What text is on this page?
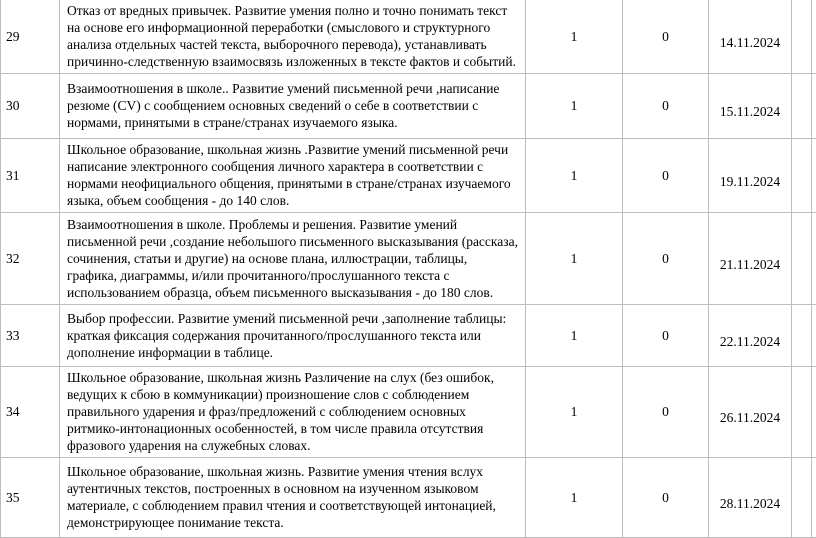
29	Отказ от вредных привычек. Развитие умения полно и точно понимать текст на основе его информационной переработки (смыслового и структурного анализа отдельных частей текста, выборочного перевода), устанавливать причинно-следственную взаимосвязь изложенных в тексте фактов и событий.	1	0	14.11.2024		
30	Взаимоотношения в школе.. Развитие умений письменной речи ,написание резюме (CV) с сообщением основных сведений о себе в соответствии с нормами, принятыми в стране/странах изучаемого языка.	1	0	15.11.2024		
31	Школьное образование, школьная жизнь .Развитие умений письменной речи написание электронного сообщения личного характера в соответствии с нормами неофициального общения, принятыми в стране/странах изучаемого языка, объем сообщения - до 140 слов.	1	0	19.11.2024		
32	Взаимоотношения в школе. Проблемы и решения. Развитие умений письменной речи ,создание небольшого письменного высказывания (рассказа, сочинения, статьи и другие) на основе плана, иллюстрации, таблицы, графика, диаграммы, и/или прочитанного/прослушанного текста с использованием образца, объем письменного высказывания - до 180 слов.	1	0	21.11.2024		
33	Выбор профессии. Развитие умений письменной речи ,заполнение таблицы: краткая фиксация содержания прочитанного/прослушанного текста или дополнение информации в таблице.	1	0	22.11.2024		
34	Школьное образование, школьная жизнь Различение на слух (без ошибок, ведущих к сбою в коммуникации) произношение слов с соблюдением правильного ударения и фраз/предложений с соблюдением основных ритмико-интонационных особенностей, в том числе правила отсутствия фразового ударения на служебных словах.	1	0	26.11.2024		
35	Школьное образование, школьная жизнь. Развитие умения чтения вслух аутентичных текстов, построенных в основном на изученном языковом материале, с соблюдением правил чтения и соответствующей интонацией, демонстрирующее понимание текста.	1	0	28.11.2024		
